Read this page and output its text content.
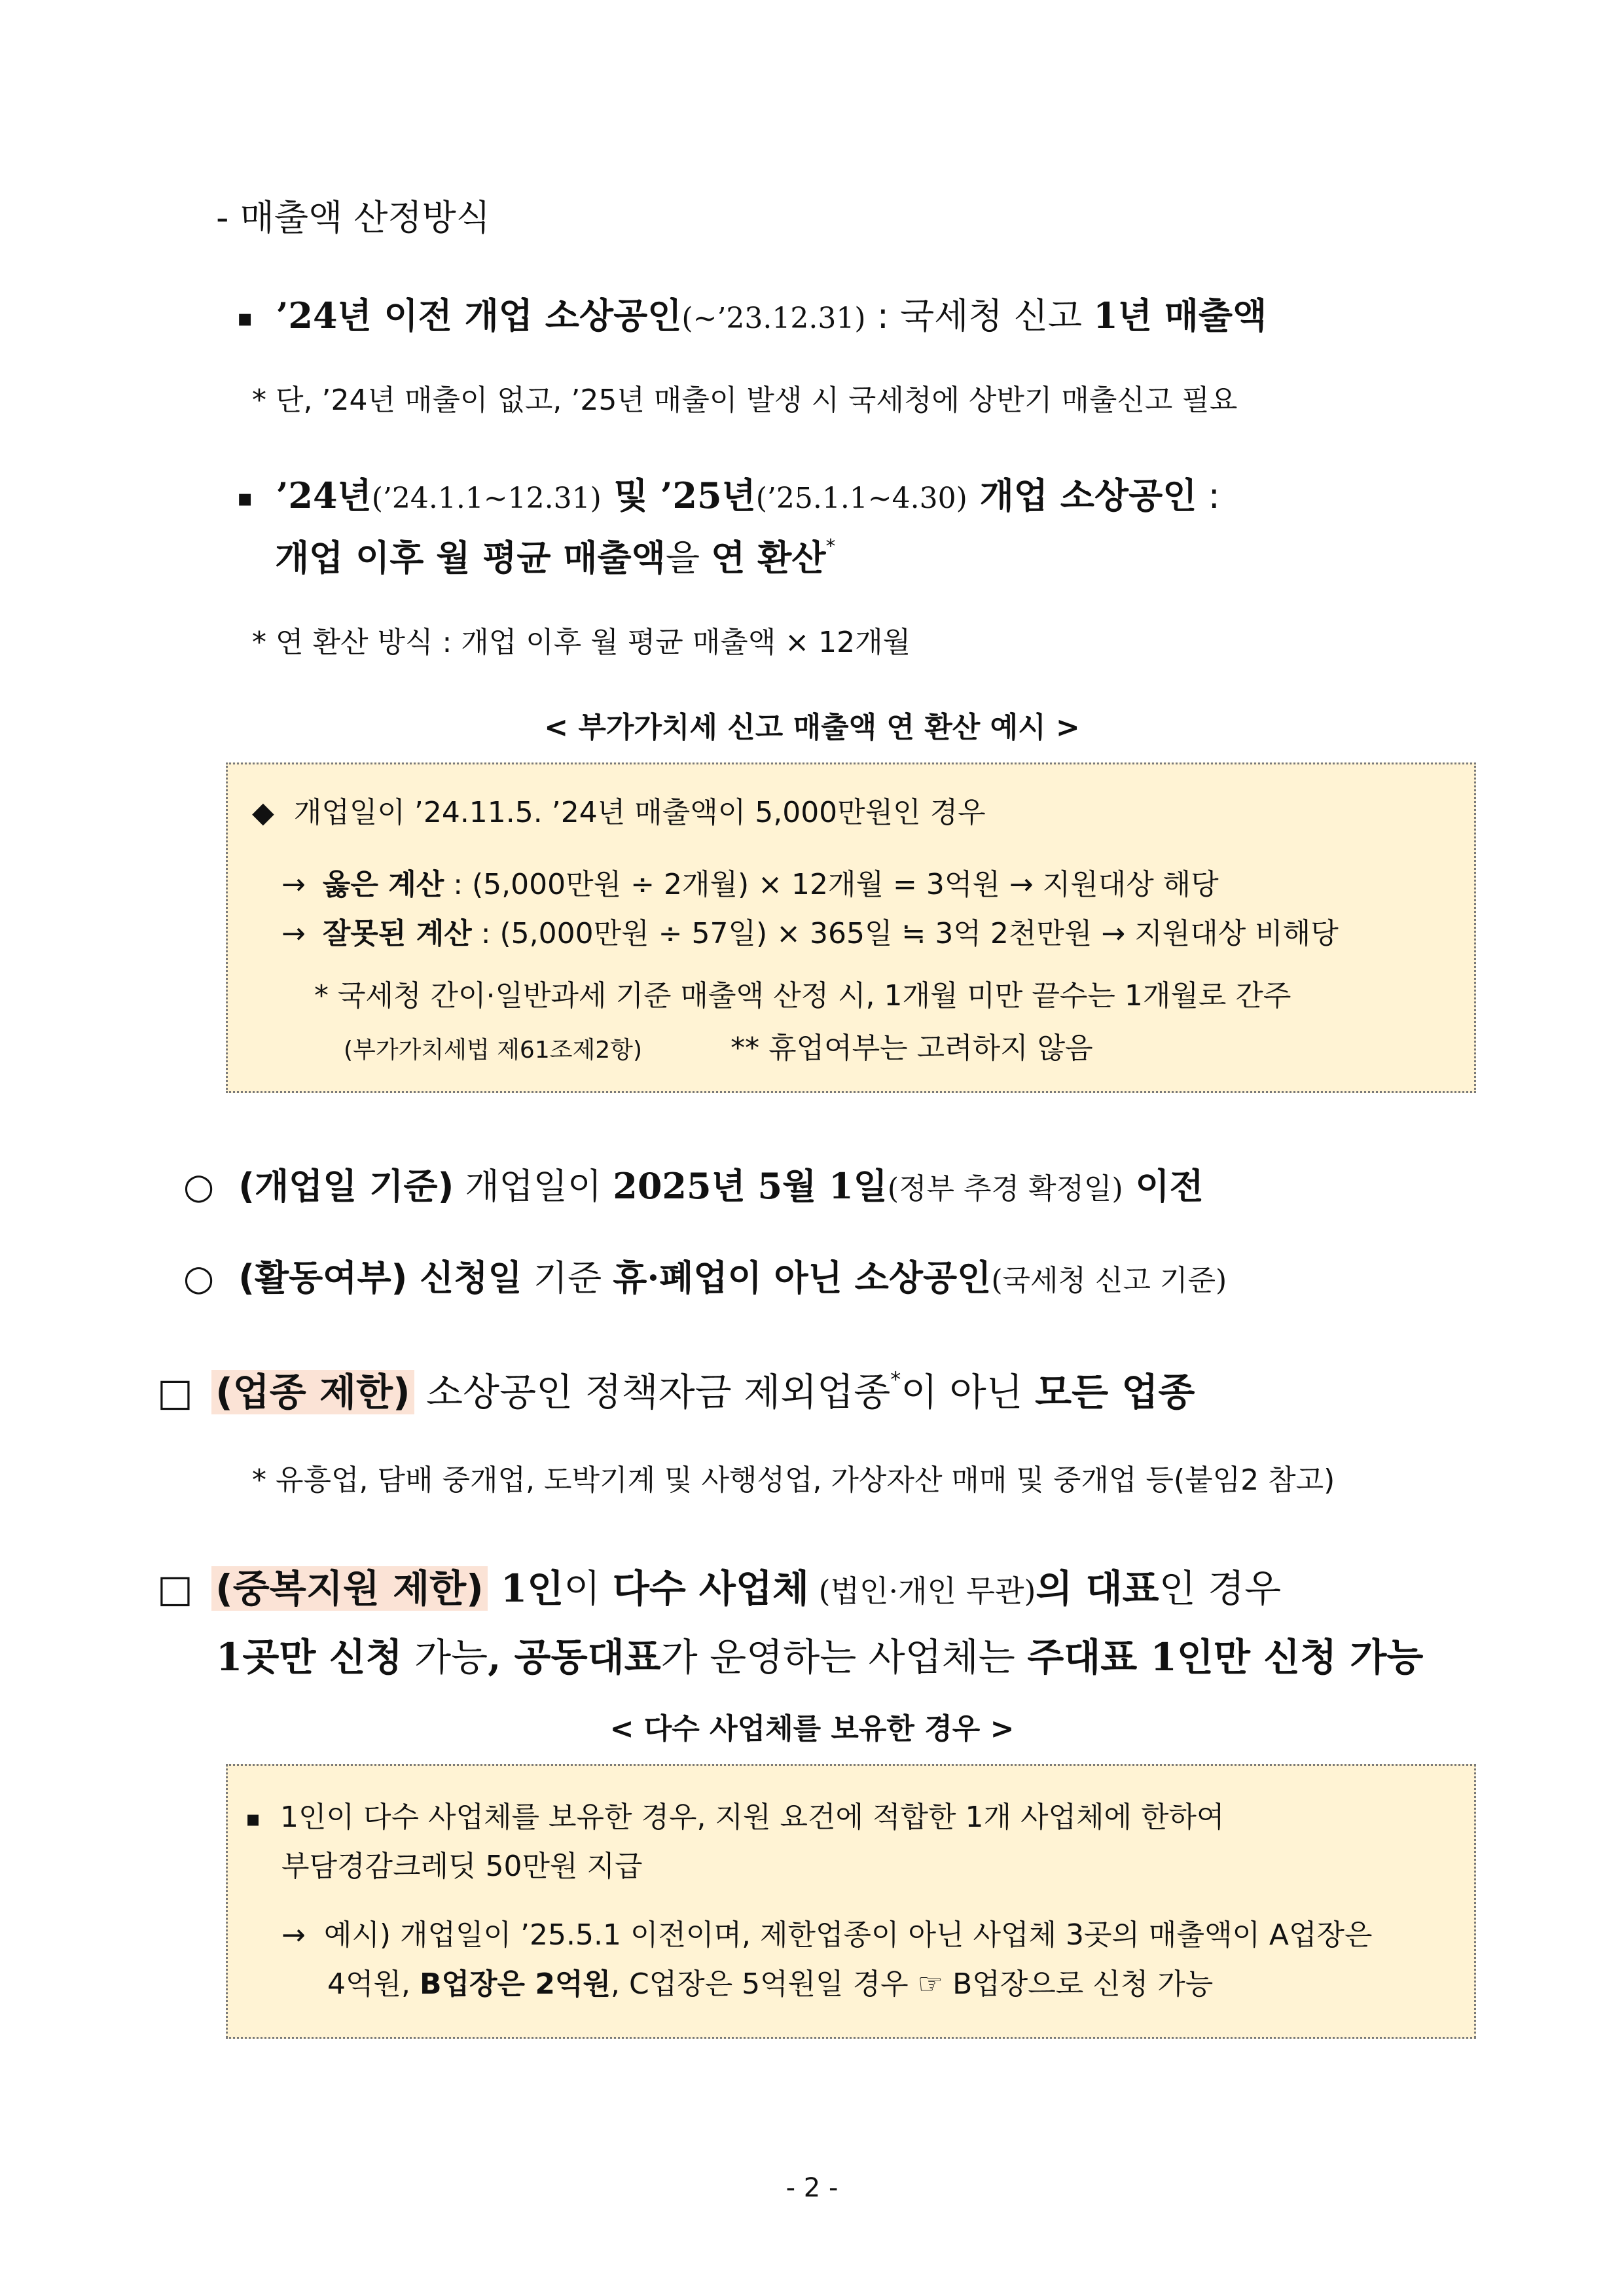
- 매출액 산정방식
▪ ’24년 이전 개업 소상공인(~’23.12.31) : 국세청 신고 1년 매출액
* 단, ’24년 매출이 없고, ’25년 매출이 발생 시 국세청에 상반기 매출신고 필요
▪ ’24년(’24.1.1~12.31) 및 ’25년(’25.1.1~4.30) 개업 소상공인 :
개업 이후 월 평균 매출액을 연 환산*
* 연 환산 방식 : 개업 이후 월 평균 매출액 × 12개월
< 부가가치세 신고 매출액 연 환산 예시 >
◆ 개업일이 ’24.11.5. ’24년 매출액이 5,000만원인 경우
→ 옳은 계산 : (5,000만원 ÷ 2개월) × 12개월 = 3억원 → 지원대상 해당
→ 잘못된 계산 : (5,000만원 ÷ 57일) × 365일 ≒ 3억 2천만원 → 지원대상 비해당
* 국세청 간이·일반과세 기준 매출액 산정 시, 1개월 미만 끝수는 1개월로 간주
(부가가치세법 제61조제2항)	** 휴업여부는 고려하지 않음
○ (개업일 기준) 개업일이 2025년 5월 1일(정부 추경 확정일) 이전
○ (활동여부) 신청일 기준 휴·폐업이 아닌 소상공인(국세청 신고 기준)
□ (업종 제한) 소상공인 정책자금 제외업종*이 아닌 모든 업종
* 유흥업, 담배 중개업, 도박기계 및 사행성업, 가상자산 매매 및 중개업 등(붙임2 참고)
□ (중복지원 제한) 1인이 다수 사업체 (법인·개인 무관)의 대표인 경우
1곳만 신청 가능, 공동대표가 운영하는 사업체는 주대표 1인만 신청 가능
< 다수 사업체를 보유한 경우 >
▪ 1인이 다수 사업체를 보유한 경우, 지원 요건에 적합한 1개 사업체에 한하여
부담경감크레딧 50만원 지급
→ 예시) 개업일이 ’25.5.1 이전이며, 제한업종이 아닌 사업체 3곳의 매출액이 A업장은
4억원, B업장은 2억원, C업장은 5억원일 경우 ☞ B업장으로 신청 가능
- 2 -
